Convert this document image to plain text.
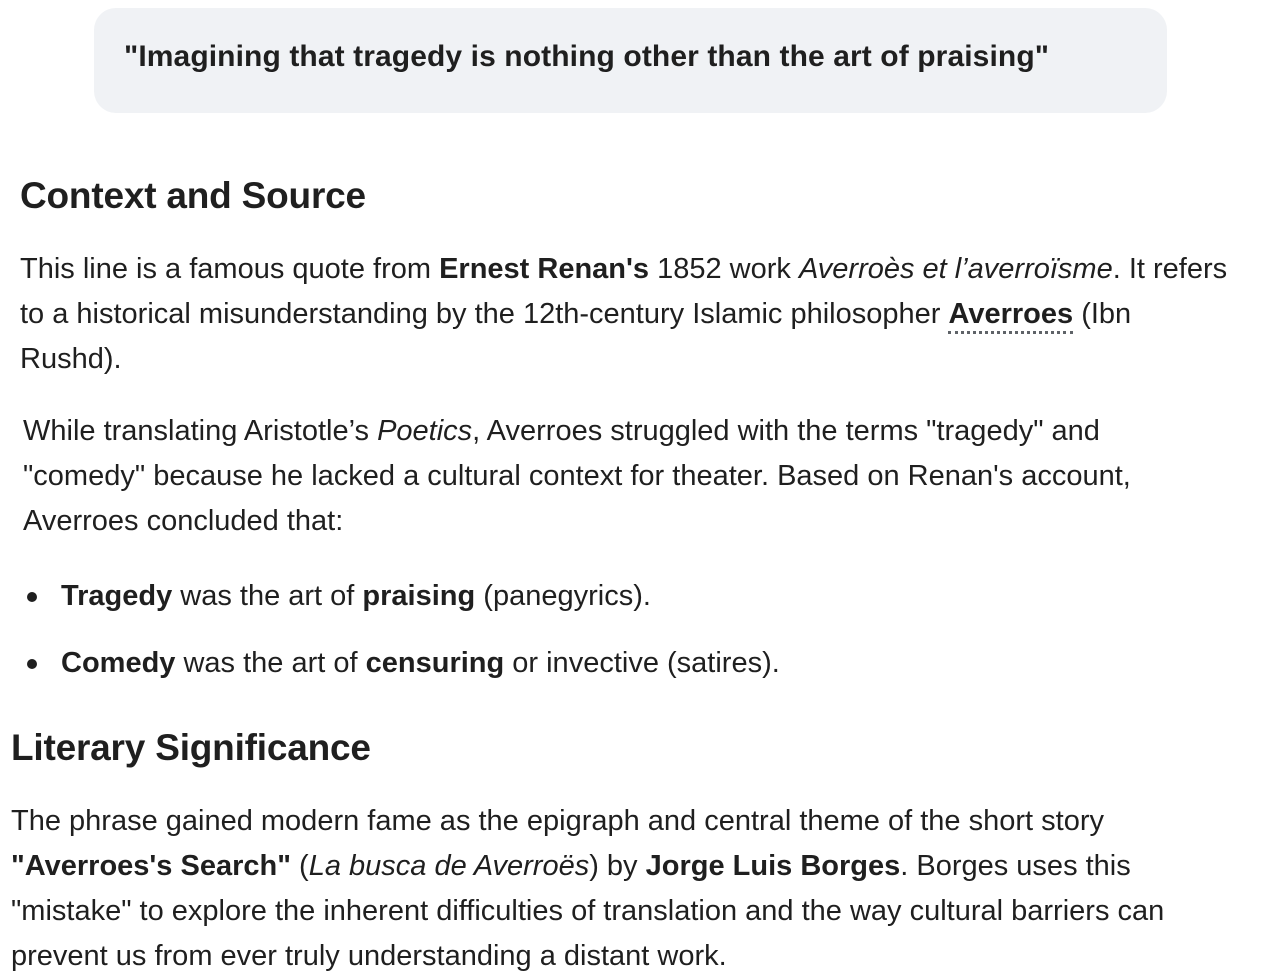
"Imagining that tragedy is nothing other than the art of praising"
Context and Source

This line is a famous quote from Ernest Renan's 1852 work Averroès et l’averroïsme. It refers to a historical misunderstanding by the 12th-century Islamic philosopher Averroes (Ibn Rushd).

While translating Aristotle’s Poetics, Averroes struggled with the terms "tragedy" and "comedy" because he lacked a cultural context for theater. Based on Renan's account, Averroes concluded that:

Tragedy was the art of praising (panegyrics).
Comedy was the art of censuring or invective (satires).
Literary Significance

The phrase gained modern fame as the epigraph and central theme of the short story "Averroes's Search" (La busca de Averroës) by Jorge Luis Borges. Borges uses this "mistake" to explore the inherent difficulties of translation and the way cultural barriers can prevent us from ever truly understanding a distant work.
